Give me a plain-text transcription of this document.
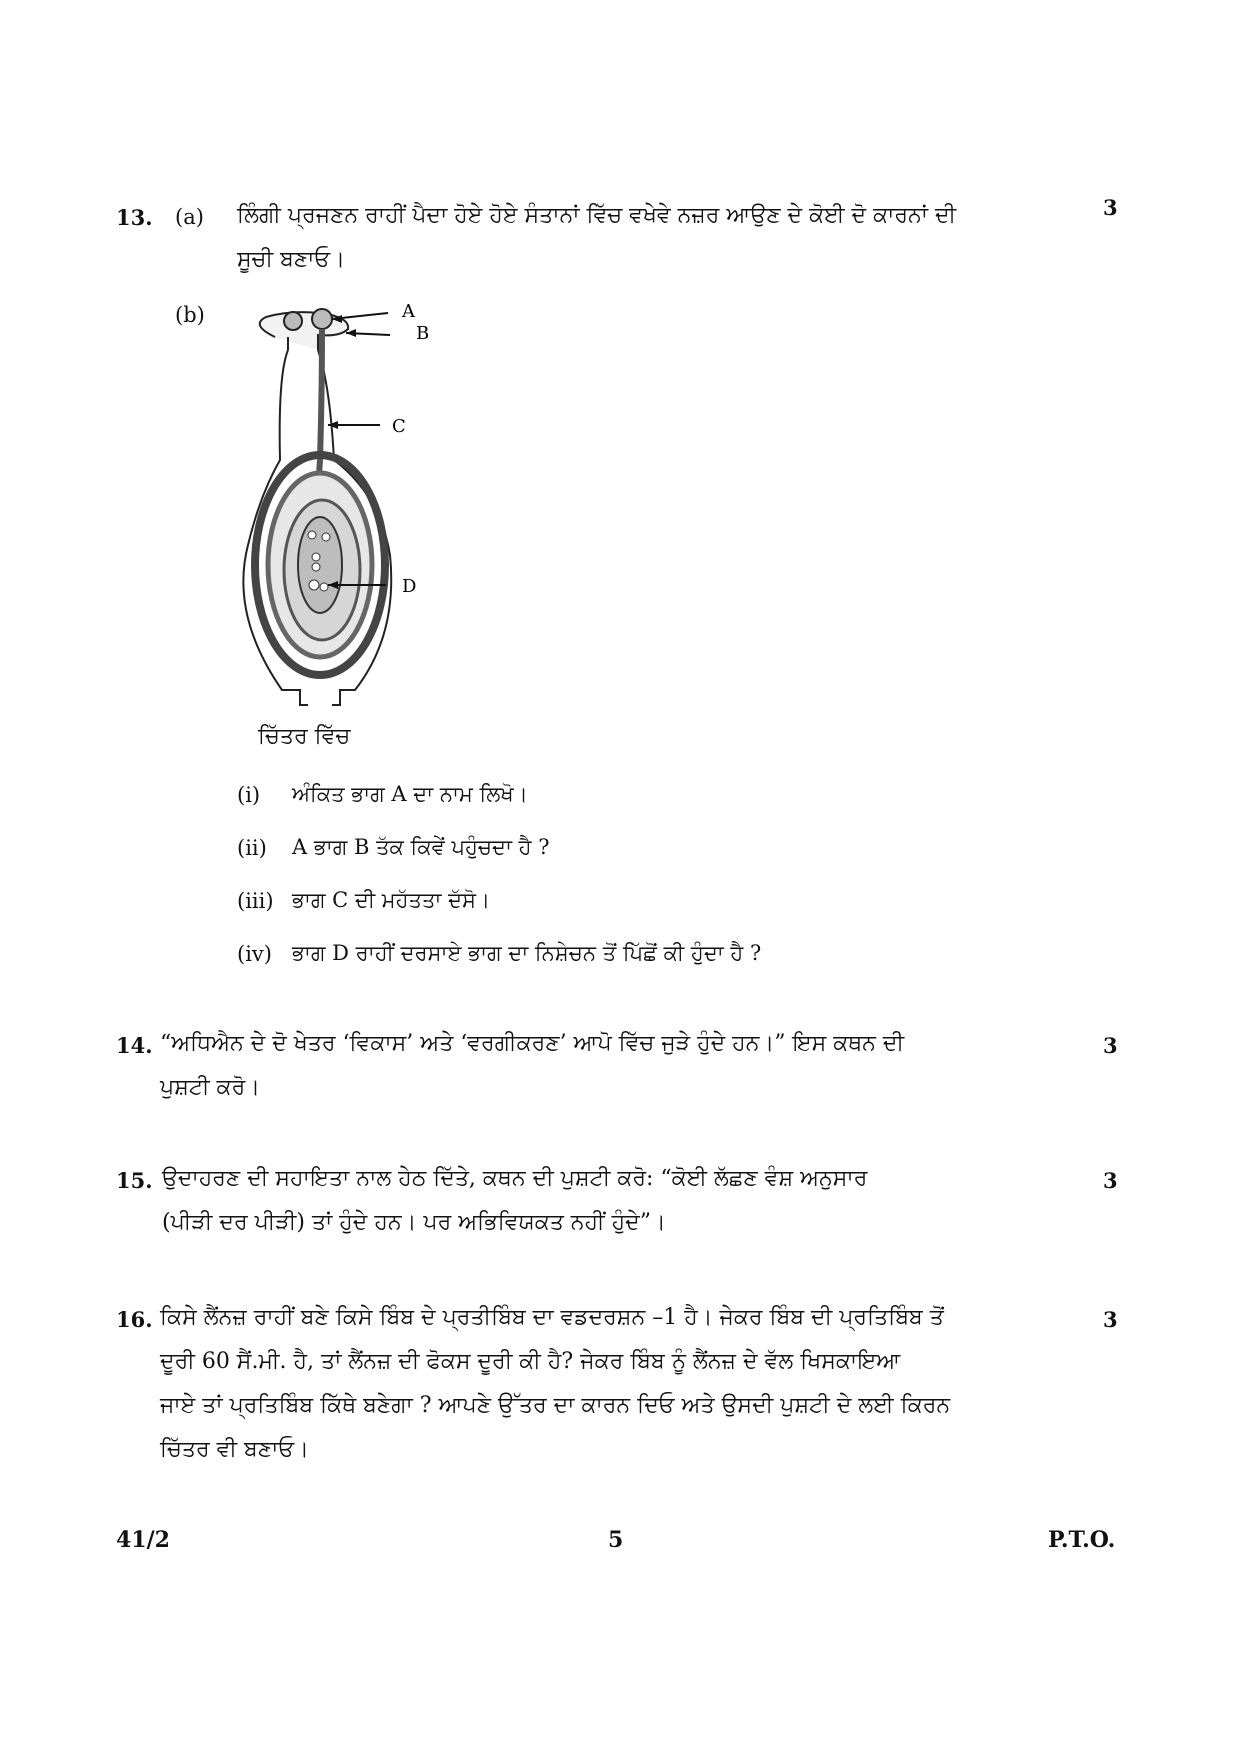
13. (a) ਲਿੰਗੀ ਪ੍ਰਜਣਨ ਰਾਹੀਂ ਪੈਦਾ ਹੋਏ ਹੋਏ ਸੰਤਾਨਾਂ ਵਿੱਚ ਵਖੇਵੇ ਨਜ਼ਰ ਆਉਣ ਦੇ ਕੋਈ ਦੋ ਕਾਰਨਾਂ ਦੀ
ਸੂਚੀ ਬਣਾਓ।
3
(b)	A
B
C
D
ਚਿੱਤਰ ਵਿੱਚ
(i)	ਅੰਕਿਤ ਭਾਗ A ਦਾ ਨਾਮ ਲਿਖੋ।
(ii)	A ਭਾਗ B ਤੱਕ ਕਿਵੇਂ ਪਹੁੰਚਦਾ ਹੈ ?
(iii) ਭਾਗ C ਦੀ ਮਹੱਤਤਾ ਦੱਸੋ।
(iv) ਭਾਗ D ਰਾਹੀਂ ਦਰਸਾਏ ਭਾਗ ਦਾ ਨਿਸ਼ੇਚਨ ਤੋਂ ਪਿੱਛੋਂ ਕੀ ਹੁੰਦਾ ਹੈ ?
14. “ਅਧਿਐਨ ਦੇ ਦੋ ਖੇਤਰ ‘ਵਿਕਾਸ’ ਅਤੇ ‘ਵਰਗੀਕਰਣ’ ਆਪੋ ਵਿੱਚ ਜੁੜੇ ਹੁੰਦੇ ਹਨ।” ਇਸ ਕਥਨ ਦੀ
ਪੁਸ਼ਟੀ ਕਰੋ।
3
15. ਉਦਾਹਰਣ ਦੀ ਸਹਾਇਤਾ ਨਾਲ ਹੇਠ ਦਿੱਤੇ, ਕਥਨ ਦੀ ਪੁਸ਼ਟੀ ਕਰੋ: “ਕੋਈ ਲੱਛਣ ਵੰਸ਼ ਅਨੁਸਾਰ
(ਪੀੜੀ ਦਰ ਪੀੜੀ) ਤਾਂ ਹੁੰਦੇ ਹਨ। ਪਰ ਅਭਿਵਿਯਕਤ ਨਹੀਂ ਹੁੰਦੇ”।
3
16. ਕਿਸੇ ਲੈਂਨਜ਼ ਰਾਹੀਂ ਬਣੇ ਕਿਸੇ ਬਿੰਬ ਦੇ ਪ੍ਰਤੀਬਿੰਬ ਦਾ ਵਡਦਰਸ਼ਨ –1 ਹੈ। ਜੇਕਰ ਬਿੰਬ ਦੀ ਪ੍ਰਤਿਬਿੰਬ ਤੋਂ
ਦੂਰੀ 60 ਸੈਂ.ਮੀ. ਹੈ, ਤਾਂ ਲੈਂਨਜ਼ ਦੀ ਫੋਕਸ ਦੂਰੀ ਕੀ ਹੈ? ਜੇਕਰ ਬਿੰਬ ਨੂੰ ਲੈਂਨਜ਼ ਦੇ ਵੱਲ ਖਿਸਕਾਇਆ
ਜਾਏ ਤਾਂ ਪ੍ਰਤਿਬਿੰਬ ਕਿੱਥੇ ਬਣੇਗਾ ? ਆਪਣੇ ਉੱਤਰ ਦਾ ਕਾਰਨ ਦਿਓ ਅਤੇ ਉਸਦੀ ਪੁਸ਼ਟੀ ਦੇ ਲਈ ਕਿਰਨ
ਚਿੱਤਰ ਵੀ ਬਣਾਓ।
3
41/2	5	P.T.O.
